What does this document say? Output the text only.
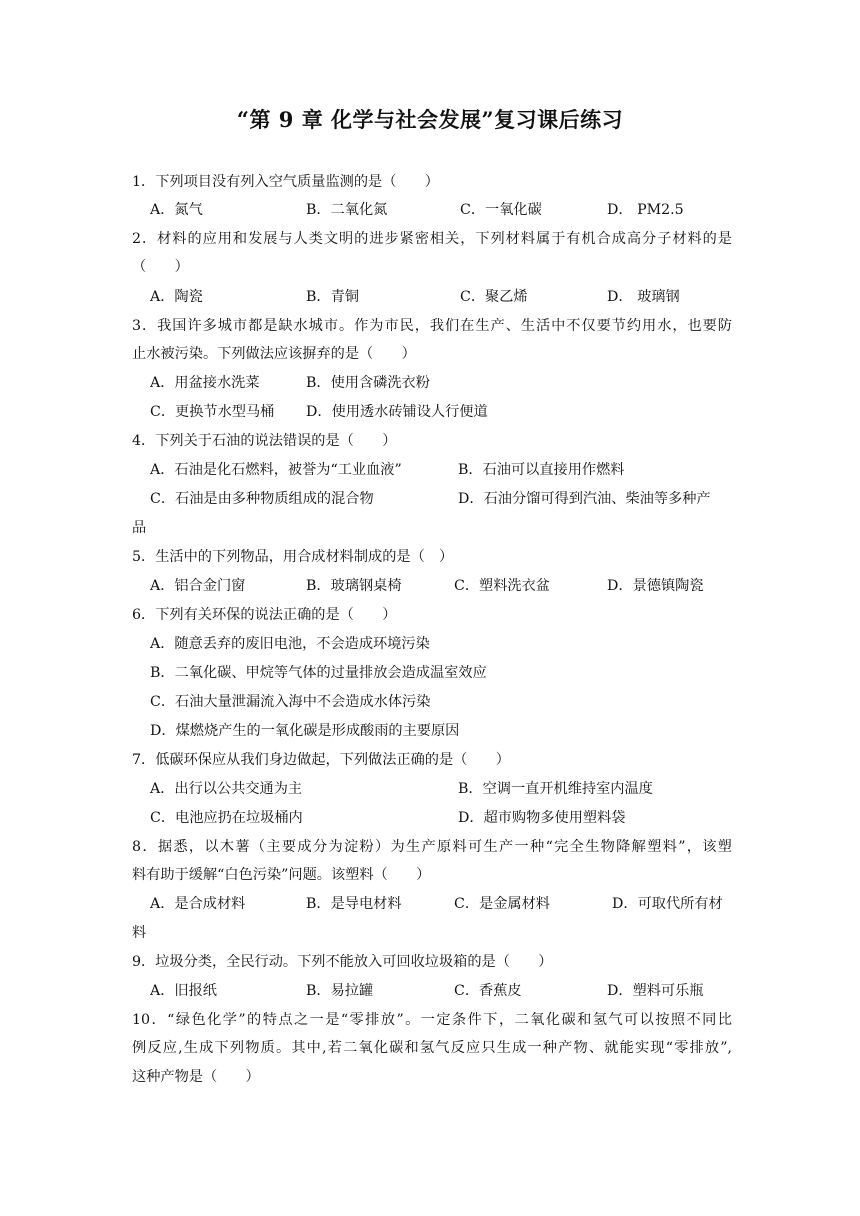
“第 9 章 化学与社会发展”复习课后练习
1．下列项目没有列入空气质量监测的是（　　）
A．氮气	B．二氧化氮	C．一氧化碳	D． PM2.5
2．材料的应用和发展与人类文明的进步紧密相关，下列材料属于有机合成高分子材料的是
（　　）
A．陶瓷	B．青铜	C．聚乙烯	D． 玻璃钢
3．我国许多城市都是缺水城市。作为市民，我们在生产、生活中不仅要节约用水，也要防
止水被污染。下列做法应该摒弃的是（　　）
A．用盆接水洗菜	B．使用含磷洗衣粉
C．更换节水型马桶 D．使用透水砖铺设人行便道
4．下列关于石油的说法错误的是（　　）
A．石油是化石燃料，被誉为“工业血液”	B．石油可以直接用作燃料
C．石油是由多种物质组成的混合物	D．石油分馏可得到汽油、柴油等多种产
品
5．生活中的下列物品，用合成材料制成的是（　）
A．铝合金门窗	B．玻璃钢桌椅	C．塑料洗衣盆	D．景德镇陶瓷
6．下列有关环保的说法正确的是（　　）
A．随意丢弃的废旧电池，不会造成环境污染
B．二氧化碳、甲烷等气体的过量排放会造成温室效应
C．石油大量泄漏流入海中不会造成水体污染
D．煤燃烧产生的一氧化碳是形成酸雨的主要原因
7．低碳环保应从我们身边做起，下列做法正确的是（　　）
A．出行以公共交通为主	B．空调一直开机维持室内温度
C．电池应扔在垃圾桶内	D．超市购物多使用塑料袋
8．据悉，以木薯（主要成分为淀粉）为生产原料可生产一种“完全生物降解塑料”，该塑
料有助于缓解“白色污染”问题。该塑料（　　）
A．是合成材料	B．是导电材料	C．是金属材料	D．可取代所有材
料
9．垃圾分类，全民行动。下列不能放入可回收垃圾箱的是（　　）
A．旧报纸	B．易拉罐	C．香蕉皮	D．塑料可乐瓶
10．“绿色化学”的特点之一是“零排放”。一定条件下，二氧化碳和氢气可以按照不同比
例反应,生成下列物质。其中,若二氧化碳和氢气反应只生成一种产物、就能实现“零排放”,
这种产物是（　　）
